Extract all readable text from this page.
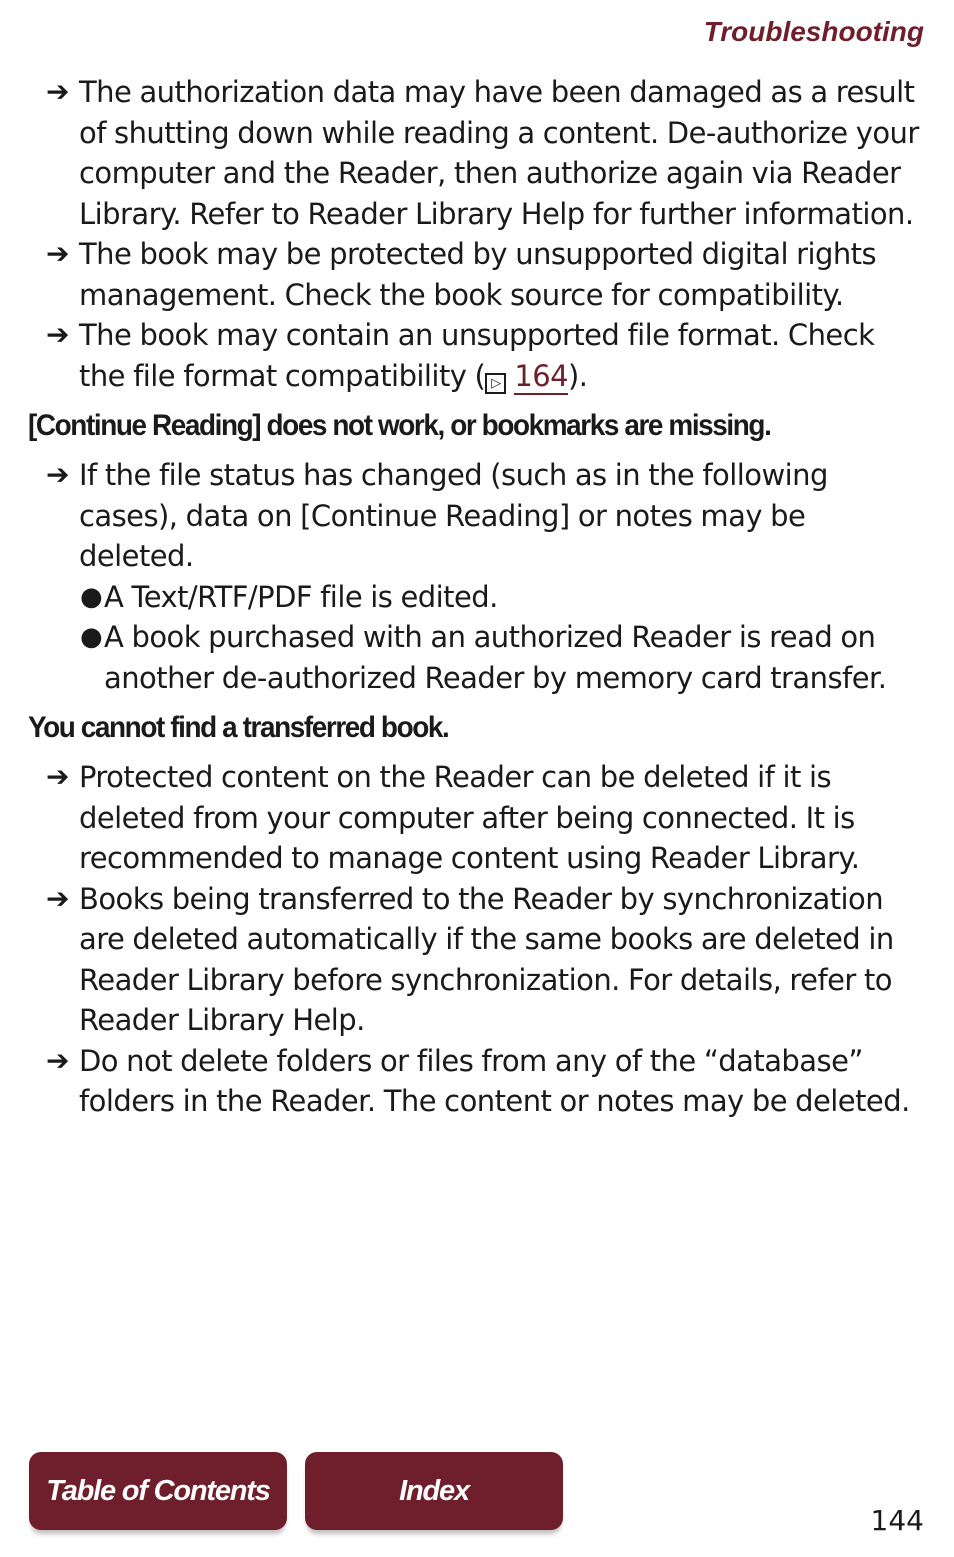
Troubleshooting
➔ The authorization data may have been damaged as a result of shutting down while reading a content. De-authorize your computer and the Reader, then authorize again via Reader Library. Refer to Reader Library Help for further information.
➔ The book may be protected by unsupported digital rights management. Check the book source for compatibility.
➔ The book may contain an unsupported file format. Check the file format compatibility ( ▷ 164).
[Continue Reading] does not work, or bookmarks are missing.
➔ If the file status has changed (such as in the following cases), data on [Continue Reading] or notes may be deleted.
● A Text/RTF/PDF file is edited.
● A book purchased with an authorized Reader is read on another de-authorized Reader by memory card transfer.
You cannot find a transferred book.
➔ Protected content on the Reader can be deleted if it is deleted from your computer after being connected. It is recommended to manage content using Reader Library.
➔ Books being transferred to the Reader by synchronization are deleted automatically if the same books are deleted in Reader Library before synchronization. For details, refer to Reader Library Help.
➔ Do not delete folders or files from any of the “database” folders in the Reader. The content or notes may be deleted.
Table of Contents	Index
144
